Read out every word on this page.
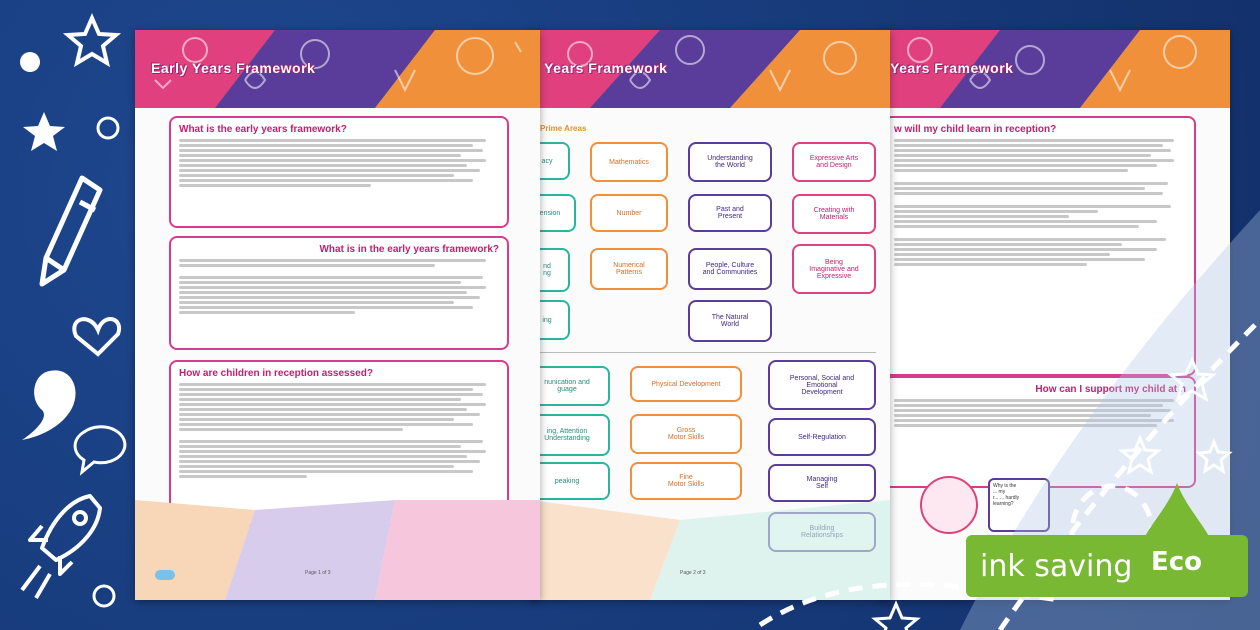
Years Framework
w will my child learn in reception?
How can I support my child at h
Why is the
... my
r... ... hardly
learning?
Years Framework
Prime Areas
acy
ension
nd
ng
ing
Mathematics
Number
Numerical
Patterns
Understanding
the World
Past and
Present
People, Culture
and Communities
The Natural
World
Expressive Arts
and Design
Creating with
Materials
Being
Imaginative and
Expressive
nunication and
guage
ing, Attention
Understanding
peaking
Physical Development
Gross
Motor Skills
Fine
Motor Skills
Personal, Social and
Emotional
Development
Self-Regulation
Managing
Self
Page 2 of 3
Early Years Framework
What is the early years framework?
What is in the early years framework?
How are children in reception assessed?
Page 1 of 3	ink saving Eco
